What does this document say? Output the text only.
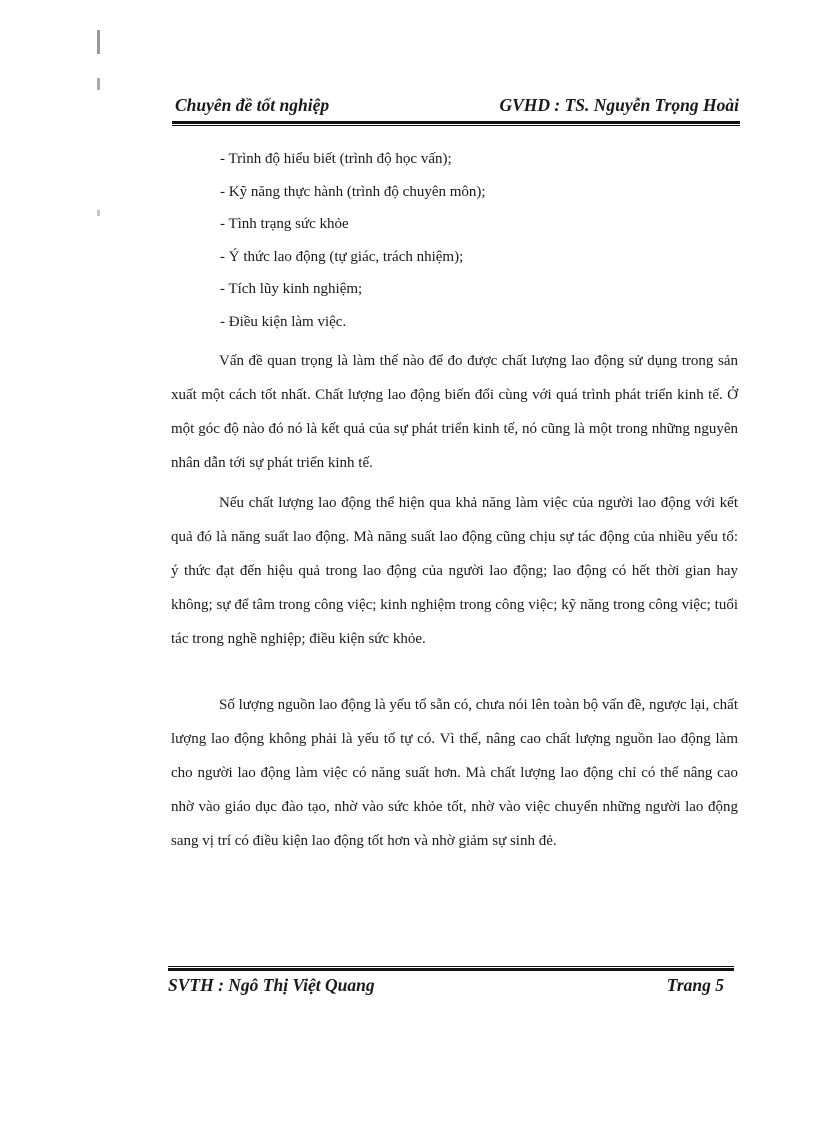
Chuyên đề tốt nghiệp	GVHD : TS. Nguyễn Trọng Hoài
- Trình độ hiểu biết (trình độ học vấn);
- Kỹ năng thực hành (trình độ chuyên môn);
- Tình trạng sức khỏe
- Ý thức lao động (tự giác, trách nhiệm);
- Tích lũy kinh nghiệm;
- Điều kiện làm việc.

Vấn đề quan trọng là làm thế nào để đo được chất lượng lao động sử dụng trong sản xuất một cách tốt nhất. Chất lượng lao động biến đổi cùng với quá trình phát triển kinh tế. Ở một góc độ nào đó nó là kết quả của sự phát triển kinh tế, nó cũng là một trong những nguyên nhân dẫn tới sự phát triển kinh tế.

Nếu chất lượng lao động thể hiện qua khả năng làm việc của người lao động với kết quả đó là năng suất lao động. Mà năng suất lao động cũng chịu sự tác động của nhiều yếu tố: ý thức đạt đến hiệu quả trong lao động của người lao động; lao động có hết thời gian hay không; sự để tâm trong công việc; kinh nghiệm trong công việc; kỹ năng trong công việc; tuổi tác trong nghề nghiệp; điều kiện sức khỏe.

Số lượng nguồn lao động là yếu tố sẵn có, chưa nói lên toàn bộ vấn đề, ngược lại, chất lượng lao động không phải là yếu tố tự có. Vì thế, nâng cao chất lượng nguồn lao động làm cho người lao động làm việc có năng suất hơn. Mà chất lượng lao động chỉ có thể nâng cao nhờ vào giáo dục đào tạo, nhờ vào sức khỏe tốt, nhờ vào việc chuyển những người lao động sang vị trí có điều kiện lao động tốt hơn và nhờ giảm sự sinh đẻ.

SVTH : Ngô Thị Việt Quang	Trang 5
